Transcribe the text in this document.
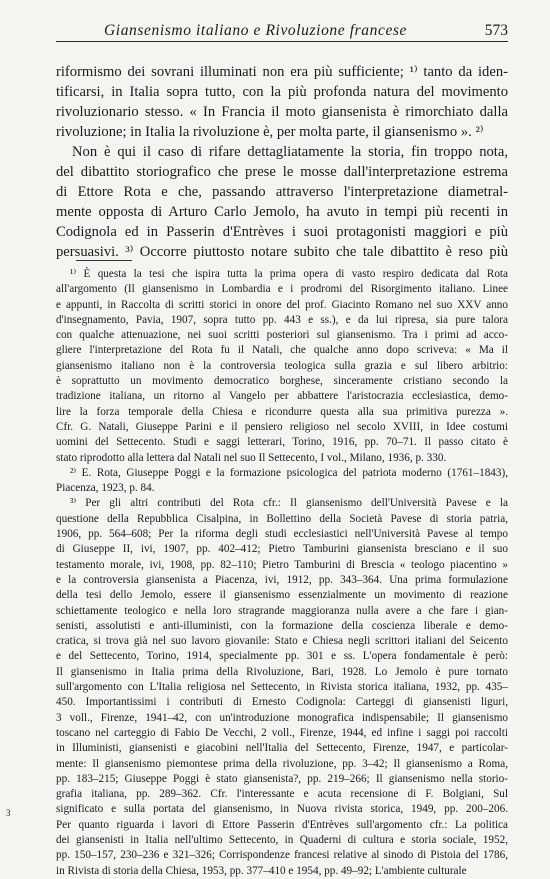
Giansenismo italiano e Rivoluzione francese	573
riformismo dei sovrani illuminati non era più sufficiente; ¹⁾ tanto da iden-
tificarsi, in Italia sopra tutto, con la più profonda natura del movimento
rivoluzionario stesso. « In Francia il moto giansenista è rimorchiato dalla
rivoluzione; in Italia la rivoluzione è, per molta parte, il giansenismo ». ²⁾
Non è qui il caso di rifare dettagliatamente la storia, fin troppo nota,
del dibattito storiografico che prese le mosse dall'interpretazione estrema
di Ettore Rota e che, passando attraverso l'interpretazione diametral-
mente opposta di Arturo Carlo Jemolo, ha avuto in tempi più recenti in
Codignola ed in Passerin d'Entrèves i suoi protagonisti maggiori e più
persuasivi. ³⁾ Occorre piuttosto notare subito che tale dibattito è reso più
¹⁾ È questa la tesi che ispira tutta la prima opera di vasto respiro dedicata dal Rota
all'argomento (Il giansenismo in Lombardia e i prodromi del Risorgimento italiano. Linee
e appunti, in Raccolta di scritti storici in onore del prof. Giacinto Romano nel suo XXV anno
d'insegnamento, Pavia, 1907, sopra tutto pp. 443 e ss.), e da lui ripresa, sia pure talora
con qualche attenuazione, nei suoi scritti posteriori sul giansenismo. Tra i primi ad acco-
gliere l'interpretazione del Rota fu il Natali, che qualche anno dopo scriveva: « Ma il
giansenismo italiano non è la controversia teologica sulla grazia e sul libero arbitrio:
è soprattutto un movimento democratico borghese, sinceramente cristiano secondo la
tradizione italiana, un ritorno al Vangelo per abbattere l'aristocrazia ecclesiastica, demo-
lire la forza temporale della Chiesa e ricondurre questa alla sua primitiva purezza ».
Cfr. G. Natali, Giuseppe Parini e il pensiero religioso nel secolo XVIII, in Idee costumi
uomini del Settecento. Studi e saggi letterari, Torino, 1916, pp. 70–71. Il passo citato è
stato riprodotto alla lettera dal Natali nel suo Il Settecento, I vol., Milano, 1936, p. 330.
²⁾ E. Rota, Giuseppe Poggi e la formazione psicologica del patriota moderno (1761–1843),
Piacenza, 1923, p. 84.
³⁾ Per gli altri contributi del Rota cfr.: Il giansenismo dell'Università Pavese e la
questione della Repubblica Cisalpina, in Bollettino della Società Pavese di storia patria,
1906, pp. 564–608; Per la riforma degli studi ecclesiastici nell'Università Pavese al tempo
di Giuseppe II, ivi, 1907, pp. 402–412; Pietro Tamburini giansenista bresciano e il suo
testamento morale, ivi, 1908, pp. 82–110; Pietro Tamburini di Brescia « teologo piacentino »
e la controversia giansenista a Piacenza, ivi, 1912, pp. 343–364. Una prima formulazione
della tesi dello Jemolo, essere il giansenismo essenzialmente un movimento di reazione
schiettamente teologico e nella loro stragrande maggioranza nulla avere a che fare i gian-
senisti, assolutisti e anti-illuministi, con la formazione della coscienza liberale e demo-
cratica, si trova già nel suo lavoro giovanile: Stato e Chiesa negli scrittori italiani del Seicento
e del Settecento, Torino, 1914, specialmente pp. 301 e ss. L'opera fondamentale è però:
Il giansenismo in Italia prima della Rivoluzione, Bari, 1928. Lo Jemolo è pure tornato
sull'argomento con L'Italia religiosa nel Settecento, in Rivista storica italiana, 1932, pp. 435–
450. Importantissimi i contributi di Ernesto Codignola: Carteggi di giansenisti liguri,
3 voll., Firenze, 1941–42, con un'introduzione monografica indispensabile; Il giansenismo
toscano nel carteggio di Fabio De Vecchi, 2 voll., Firenze, 1944, ed infine i saggi poi raccolti
in Illuministi, giansenisti e giacobini nell'Italia del Settecento, Firenze, 1947, e particolar-
mente: Il giansenismo piemontese prima della rivoluzione, pp. 3–42; Il giansenismo a Roma,
pp. 183–215; Giuseppe Poggi è stato giansenista?, pp. 219–266; Il giansenismo nella storio-
grafia italiana, pp. 289–362. Cfr. l'interessante e acuta recensione di F. Bolgiani, Sul
significato e sulla portata del giansenismo, in Nuova rivista storica, 1949, pp. 200–206.
Per quanto riguarda i lavori di Ettore Passerin d'Entrèves sull'argomento cfr.: La politica
dei giansenisti in Italia nell'ultimo Settecento, in Quaderni di cultura e storia sociale, 1952,
pp. 150–157, 230–236 e 321–326; Corrispondenze francesi relative al sinodo di Pistoia del 1786,
in Rivista di storia della Chiesa, 1953, pp. 377–410 e 1954, pp. 49–92; L'ambiente culturale
3
